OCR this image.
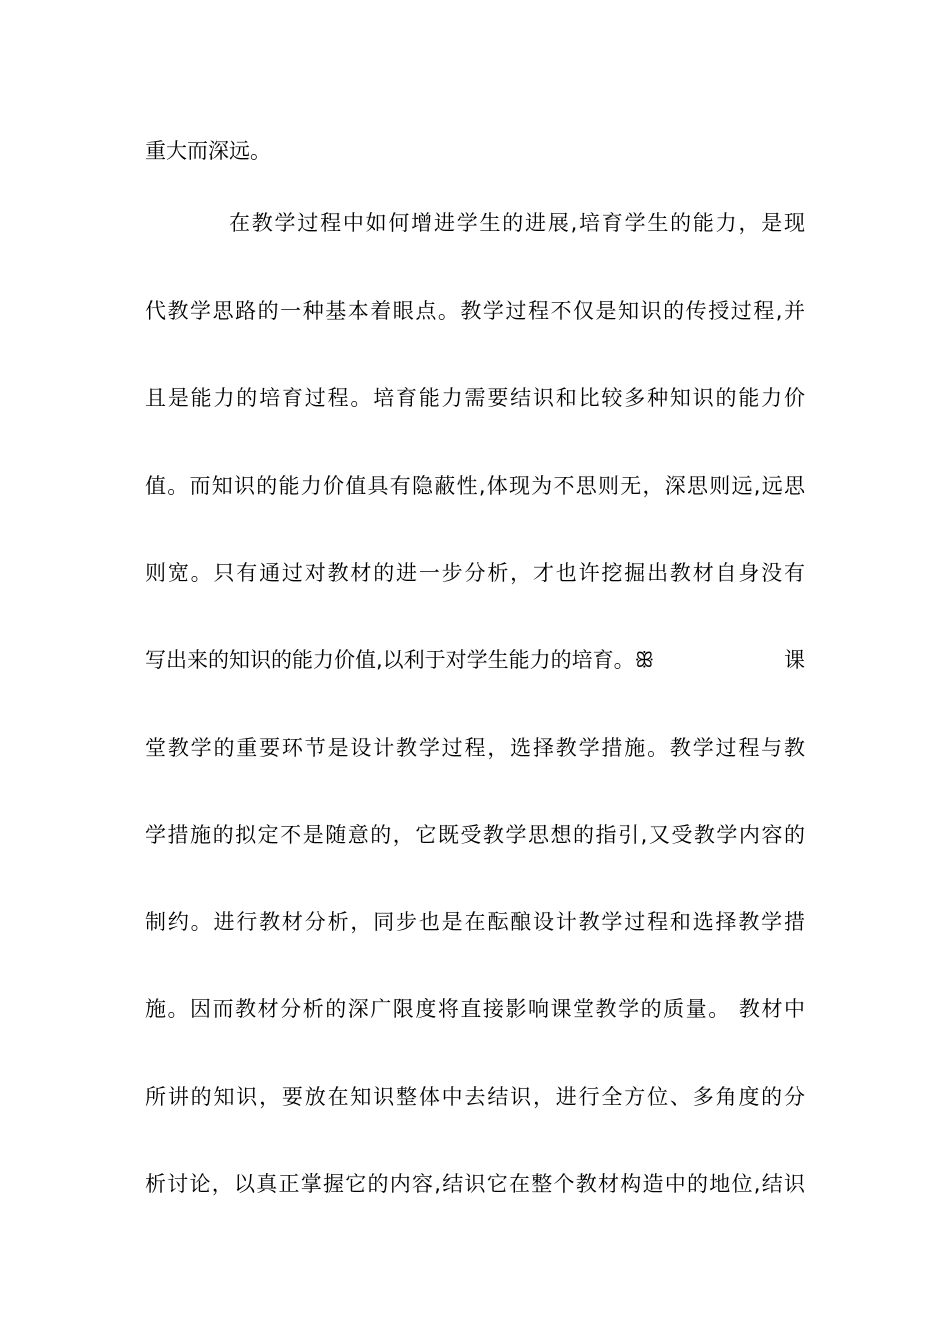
重大而深远。
在教学过程中如何增进学生的进展,培育学生的能力，是现
代教学思路的一种基本着眼点。教学过程不仅是知识的传授过程,并
且是能力的培育过程。培育能力需要结识和比较多种知识的能力价
值。而知识的能力价值具有隐蔽性,体现为不思则无，深思则远,远思
则宽。只有通过对教材的进一步分析，才也许挖掘出教材自身没有
写出来的知识的能力价值,以利于对学生能力的培育。ꕥ	课
堂教学的重要环节是设计教学过程，选择教学措施。教学过程与教
学措施的拟定不是随意的，它既受教学思想的指引,又受教学内容的
制约。进行教材分析，同步也是在酝酿设计教学过程和选择教学措
施。因而教材分析的深广限度将直接影响课堂教学的质量。 教材中
所讲的知识，要放在知识整体中去结识，进行全方位、多角度的分
析讨论，以真正掌握它的内容,结识它在整个教材构造中的地位,结识
